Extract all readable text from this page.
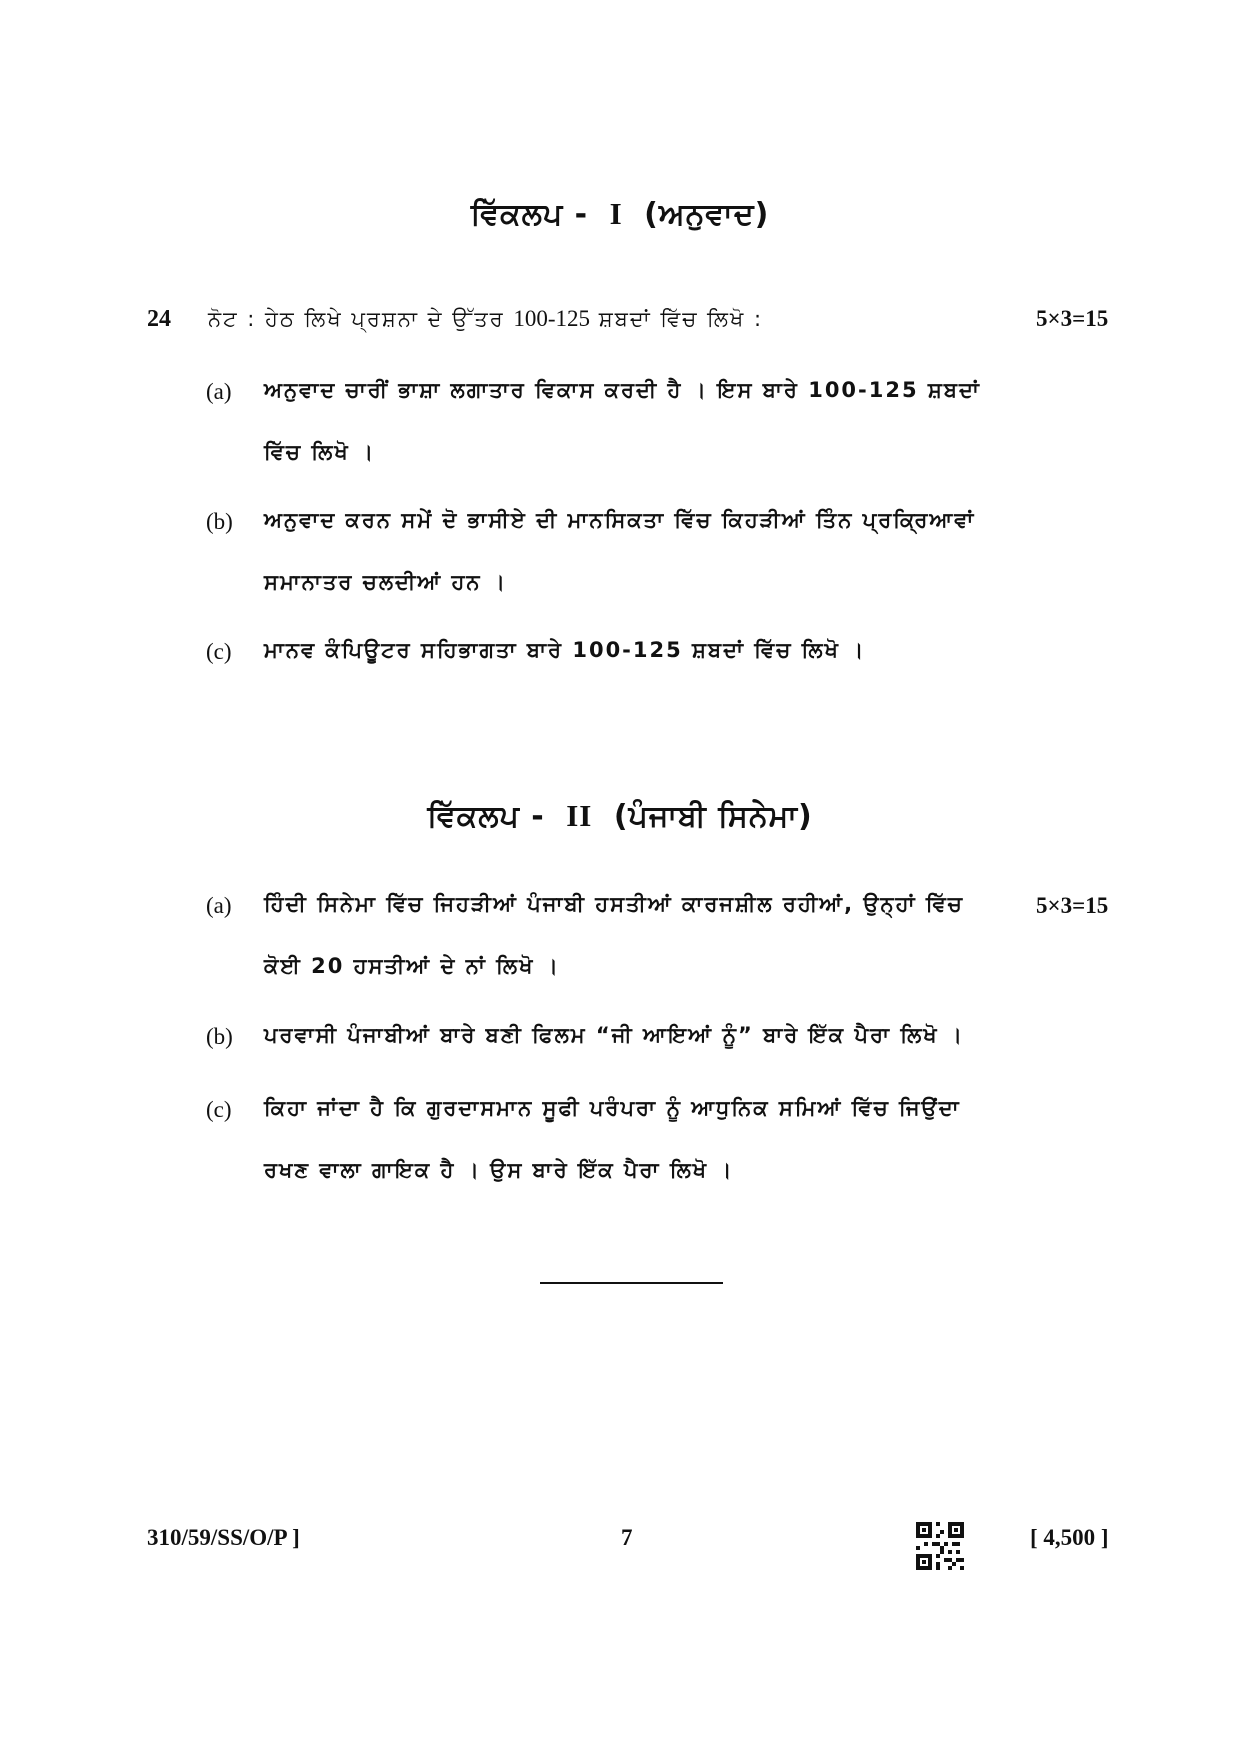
ਵਿੱਕਲਪ - I (ਅਨੁਵਾਦ)
24 ਨੋਟ : ਹੇਠ ਲਿਖੇ ਪ੍ਰਸ਼ਨਾ ਦੇ ਉੱਤਰ 100-125 ਸ਼ਬਦਾਂ ਵਿੱਚ ਲਿਖੋ :	5×3=15
(a) ਅਨੁਵਾਦ ਚਾਰੀਂ ਭਾਸ਼ਾ ਲਗਾਤਾਰ ਵਿਕਾਸ ਕਰਦੀ ਹੈ । ਇਸ ਬਾਰੇ 100-125 ਸ਼ਬਦਾਂ
ਵਿੱਚ ਲਿਖੋ ।
(b) ਅਨੁਵਾਦ ਕਰਨ ਸਮੇਂ ਦੋ ਭਾਸੀਏ ਦੀ ਮਾਨਸਿਕਤਾ ਵਿੱਚ ਕਿਹੜੀਆਂ ਤਿੰਨ ਪ੍ਰਕ੍ਰਿਆਵਾਂ
ਸਮਾਨਾਤਰ ਚਲਦੀਆਂ ਹਨ ।
(c) ਮਾਨਵ ਕੰਪਿਊਟਰ ਸਹਿਭਾਗਤਾ ਬਾਰੇ 100-125 ਸ਼ਬਦਾਂ ਵਿੱਚ ਲਿਖੋ ।
ਵਿੱਕਲਪ - II (ਪੰਜਾਬੀ ਸਿਨੇਮਾ)
(a) ਹਿੰਦੀ ਸਿਨੇਮਾ ਵਿੱਚ ਜਿਹੜੀਆਂ ਪੰਜਾਬੀ ਹਸਤੀਆਂ ਕਾਰਜਸ਼ੀਲ ਰਹੀਆਂ, ਉਨ੍ਹਾਂ ਵਿੱਚ	5×3=15
ਕੋਈ 20 ਹਸਤੀਆਂ ਦੇ ਨਾਂ ਲਿਖੋ ।
(b) ਪਰਵਾਸੀ ਪੰਜਾਬੀਆਂ ਬਾਰੇ ਬਣੀ ਫਿਲਮ “ਜੀ ਆਇਆਂ ਨੂੰ” ਬਾਰੇ ਇੱਕ ਪੈਰਾ ਲਿਖੋ ।
(c) ਕਿਹਾ ਜਾਂਦਾ ਹੈ ਕਿ ਗੁਰਦਾਸਮਾਨ ਸੂਫੀ ਪਰੰਪਰਾ ਨੂੰ ਆਧੁਨਿਕ ਸਮਿਆਂ ਵਿੱਚ ਜਿਉਂਦਾ
ਰਖਣ ਵਾਲਾ ਗਾਇਕ ਹੈ । ਉਸ ਬਾਰੇ ਇੱਕ ਪੈਰਾ ਲਿਖੋ ।
310/59/SS/O/P ]	7	[ 4,500 ]
